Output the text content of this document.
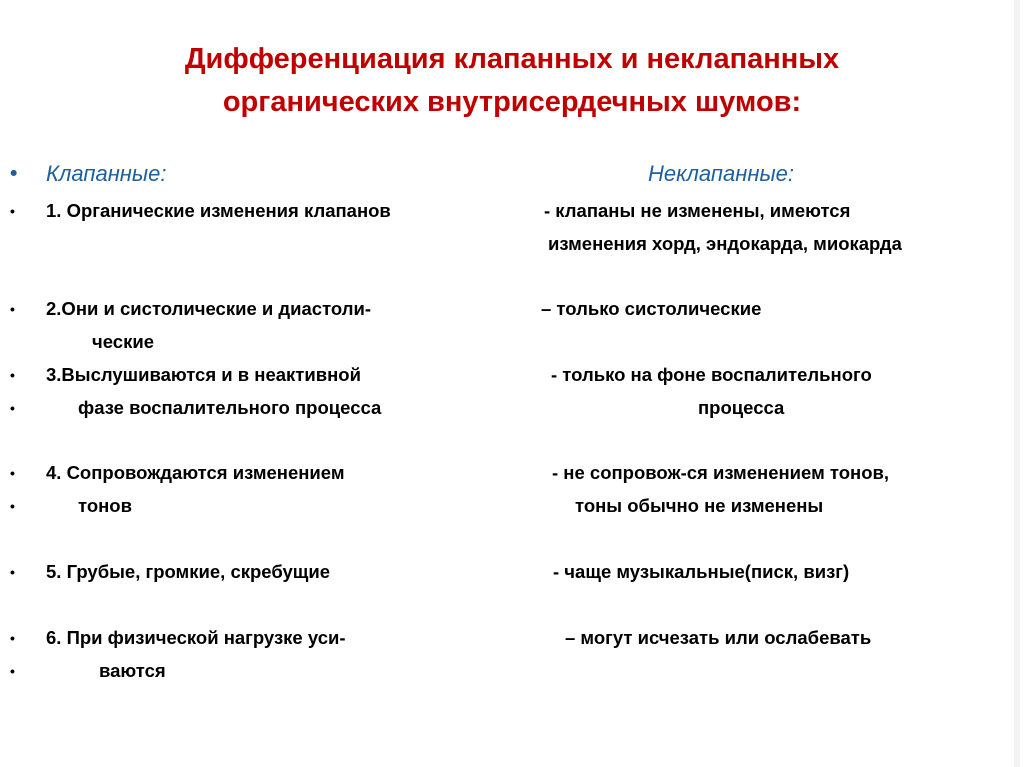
Дифференциация клапанных и неклапанных
органических внутрисердечных шумов:
•	Клапанные:	Неклапанные:
•	1. Органические изменения клапанов	- клапаны не изменены, имеются
изменения хорд, эндокарда, миокарда
•	2.Они и систолические и диастоли-	– только систолические
ческие
•	3.Выслушиваются и в неактивной	- только на фоне воспалительного
•	фазе воспалительного процесса	процесса
•	4. Сопровождаются изменением	- не сопровож-ся изменением тонов,
•	тонов	тоны обычно не изменены
•	5. Грубые, громкие, скребущие	- чаще музыкальные(писк, визг)
•	6. При физической нагрузке уси-	– могут исчезать или ослабевать
•	ваются
